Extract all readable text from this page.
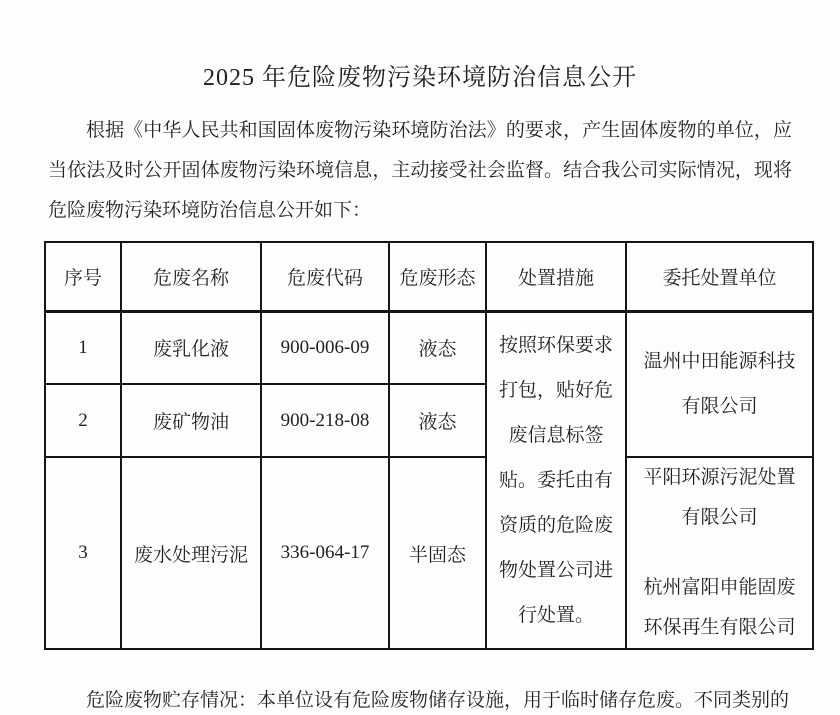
2025 年危险废物污染环境防治信息公开

根据《中华人民共和国固体废物污染环境防治法》的要求，产生固体废物的单位，应当依法及时公开固体废物污染环境信息，主动接受社会监督。结合我公司实际情况，现将危险废物污染环境防治信息公开如下：

序号	危废名称	危废代码	危废形态	处置措施	委托处置单位
1	废乳化液	900-006-09	液态	按照环保要求打包，贴好危废信息标签贴。委托由有资质的危险废物处置公司进行处置。	温州中田能源科技有限公司
2	废矿物油	900-218-08	液态		
3	废水处理污泥	336-064-17	半固态		平阳环源污泥处置有限公司
杭州富阳申能固废环保再生有限公司

危险废物贮存情况：本单位设有危险废物储存设施，用于临时储存危废。不同类别的
